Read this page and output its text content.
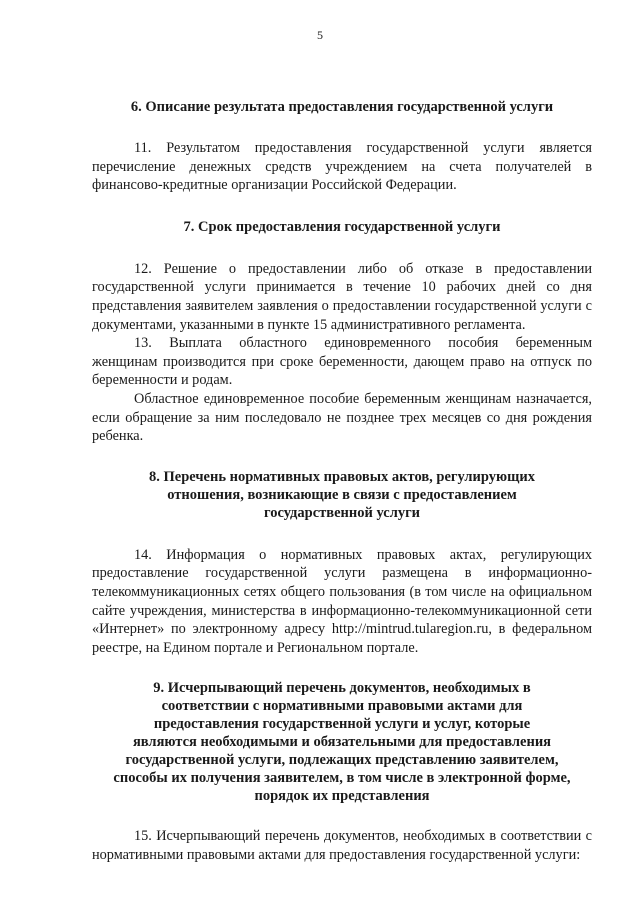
5

6. Описание результата предоставления государственной услуги

11. Результатом предоставления государственной услуги является перечисление денежных средств учреждением на счета получателей в финансово-кредитные организации Российской Федерации.

7. Срок предоставления государственной услуги

12. Решение о предоставлении либо об отказе в предоставлении государственной услуги принимается в течение 10 рабочих дней со дня представления заявителем заявления о предоставлении государственной услуги с документами, указанными в пункте 15 административного регламента.

13. Выплата областного единовременного пособия беременным женщинам производится при сроке беременности, дающем право на отпуск по беременности и родам.

Областное единовременное пособие беременным женщинам назначается, если обращение за ним последовало не позднее трех месяцев со дня рождения ребенка.

8. Перечень нормативных правовых актов, регулирующих
отношения, возникающие в связи с предоставлением
государственной услуги

14. Информация о нормативных правовых актах, регулирующих предоставление государственной услуги размещена в информационно-телекоммуникационных сетях общего пользования (в том числе на официальном сайте учреждения, министерства в информационно-телекоммуникационной сети «Интернет» по электронному адресу http://mintrud.tularegion.ru, в федеральном реестре, на Едином портале и Региональном портале.

9. Исчерпывающий перечень документов, необходимых в
соответствии с нормативными правовыми актами для
предоставления государственной услуги и услуг, которые
являются необходимыми и обязательными для предоставления
государственной услуги, подлежащих представлению заявителем,
способы их получения заявителем, в том числе в электронной форме,
порядок их представления

15. Исчерпывающий перечень документов, необходимых в соответствии с нормативными правовыми актами для предоставления государственной услуги:
